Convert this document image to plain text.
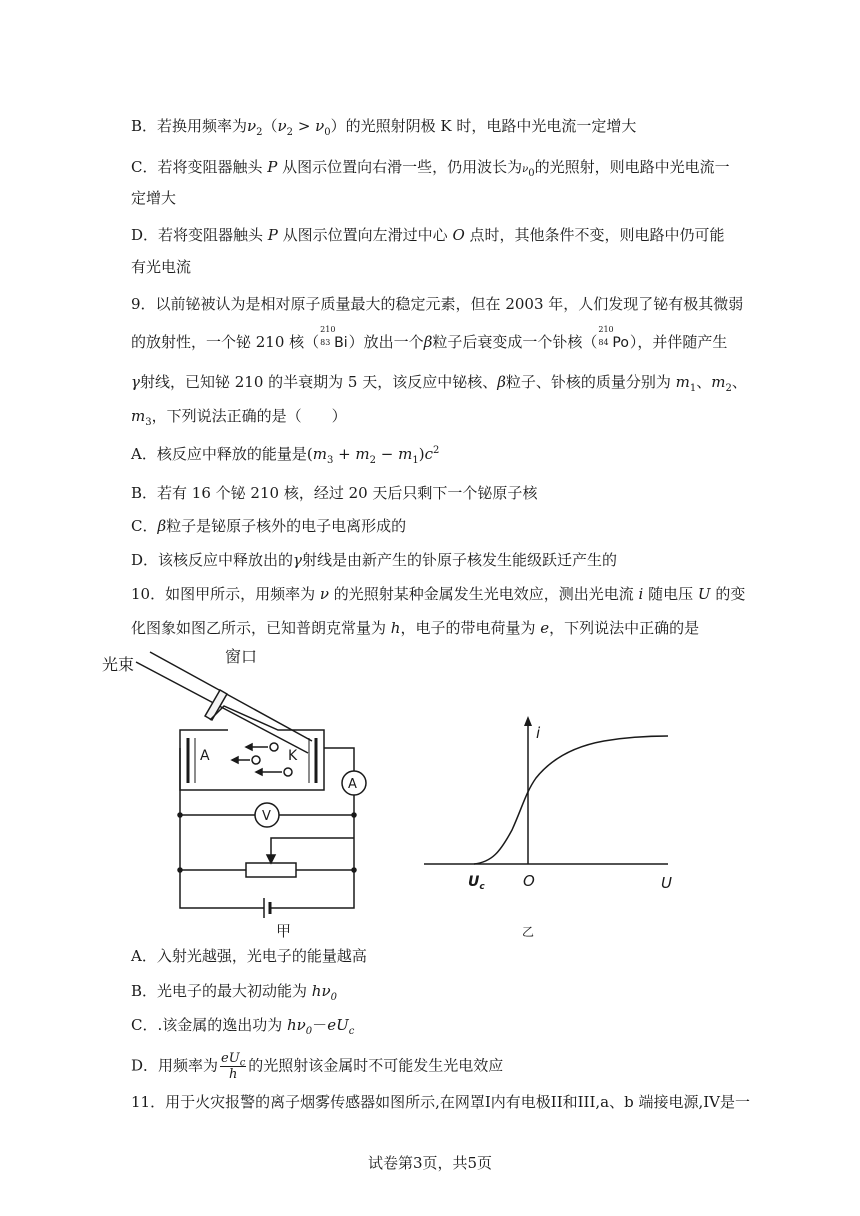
B．若换用频率为$\nu_2(\nu_2 > \nu_0)$的光照射阴极 K 时，电路中光电流一定增大
C．若将变阻器触头 P 从图示位置向右滑一些，仍用波长为$\nu_0$的光照射，则电路中光电流一
定增大
D．若将变阻器触头 P 从图示位置向左滑过中心 O 点时，其他条件不变，则电路中仍可能
有光电流
9．以前铋被认为是相对原子质量最大的稳定元素，但在 2003 年，人们发现了铋有极其微弱
的放射性，一个铋 210 核（
210
83 Bi）放出一个β粒子后衰变成一个钋核（
210
84 Po），并伴随产生
γ射线，已知铋 210 的半衰期为 5 天，该反应中铋核、β粒子、钋核的质量分别为 $m_1$、$m_2$、
$m_3$，下列说法正确的是（　　）
A．核反应中释放的能量是$(m_3 + m_2 - m_1)c^2$
B．若有 16 个铋 210 核，经过 20 天后只剩下一个铋原子核
C．β粒子是铋原子核外的电子电离形成的
D．该核反应中释放出的γ射线是由新产生的钋原子核发生能级跃迁产生的
10．如图甲所示，用频率为 ν 的光照射某种金属发生光电效应，测出光电流 i 随电压 U 的变
化图象如图乙所示，已知普朗克常量为 h，电子的带电荷量为 e，下列说法中正确的是
光束	窗口
A	K
A
V
甲
U
i
O
$U_c$
乙
A．入射光越强，光电子的能量越高
B．光电子的最大初动能为 $h\nu_0$
C．.该金属的逸出功为 $h\nu_0-eU_c$
D．用频率为 $\frac{eU_c}{h}$ 的光照射该金属时不可能发生光电效应
11．用于火灾报警的离子烟雾传感器如图所示,在网罩I内有电极II和III,a、b 端接电源,IV是一
试卷第3页，共5页
